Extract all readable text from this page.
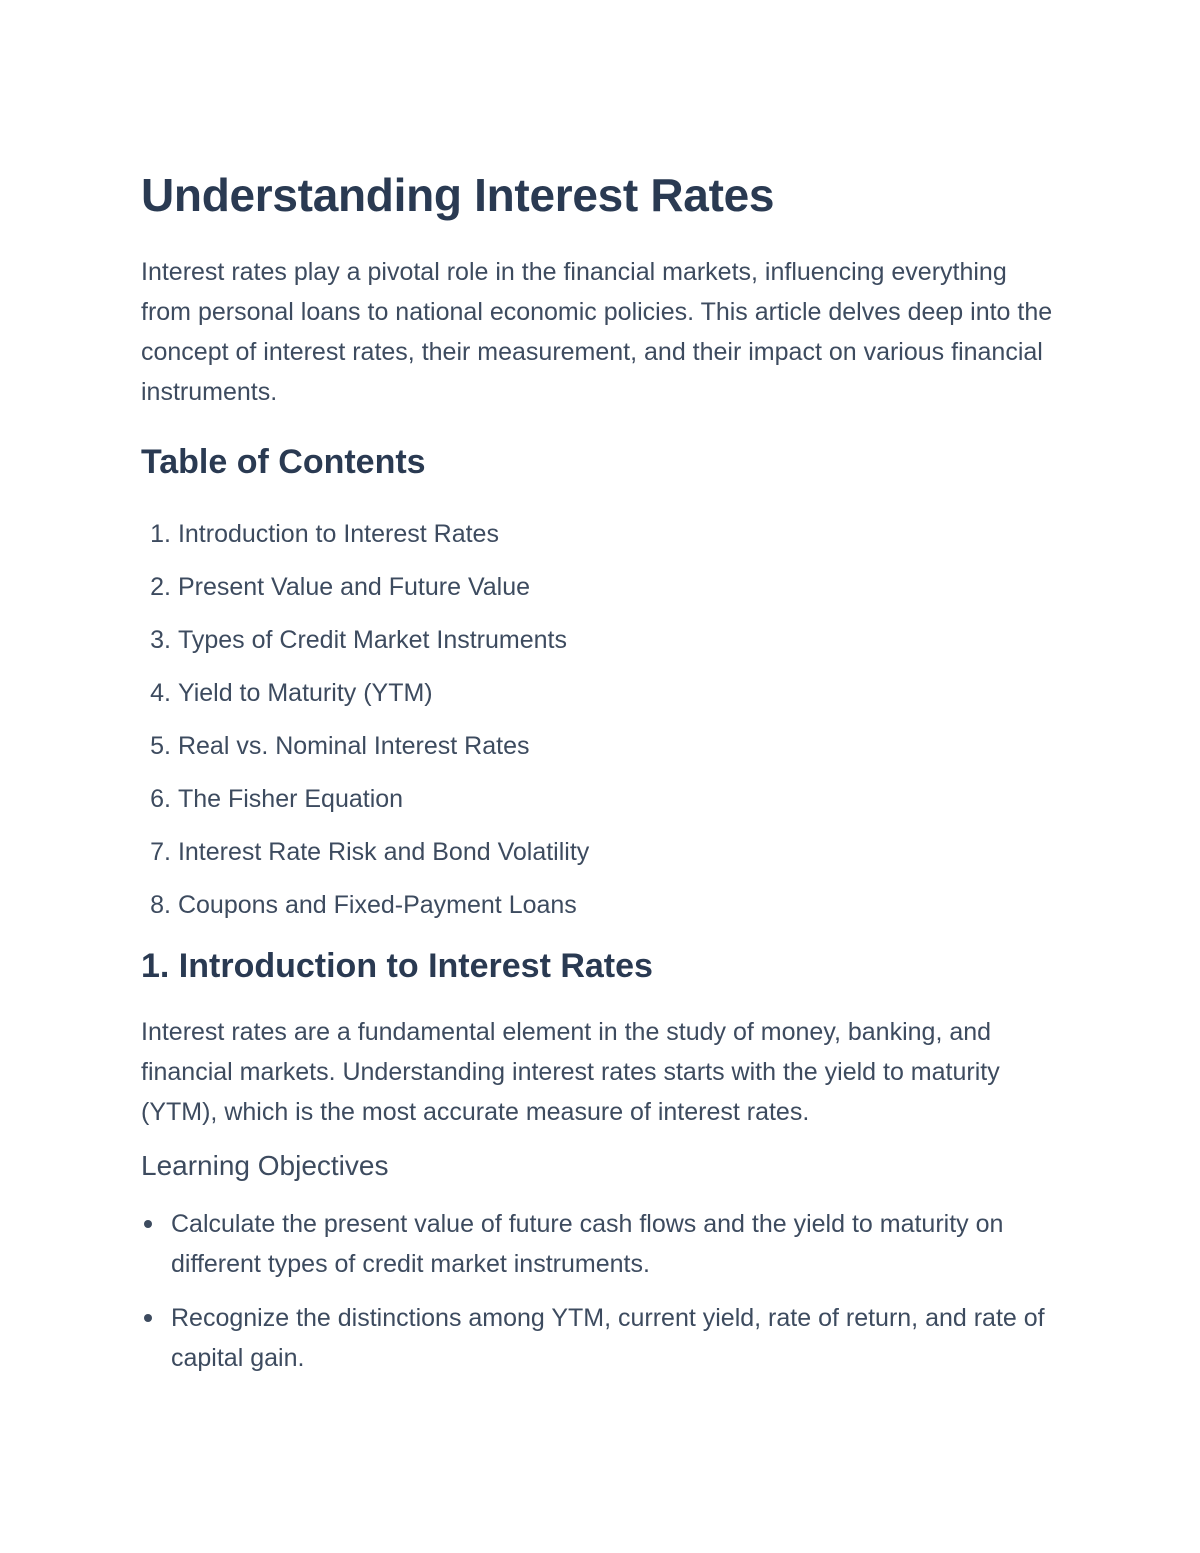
Understanding Interest Rates

Interest rates play a pivotal role in the financial markets, influencing everything from personal loans to national economic policies. This article delves deep into the concept of interest rates, their measurement, and their impact on various financial instruments.

Table of Contents
1.
Introduction to Interest Rates
2.
Present Value and Future Value
3.
Types of Credit Market Instruments
4.
Yield to Maturity (YTM)
5.
Real vs. Nominal Interest Rates
6.
The Fisher Equation
7.
Interest Rate Risk and Bond Volatility
8.
Coupons and Fixed-Payment Loans
1. Introduction to Interest Rates

Interest rates are a fundamental element in the study of money, banking, and financial markets. Understanding interest rates starts with the yield to maturity (YTM), which is the most accurate measure of interest rates.

Learning Objectives
Calculate the present value of future cash flows and the yield to maturity on different types of credit market instruments.
Recognize the distinctions among YTM, current yield, rate of return, and rate of capital gain.
